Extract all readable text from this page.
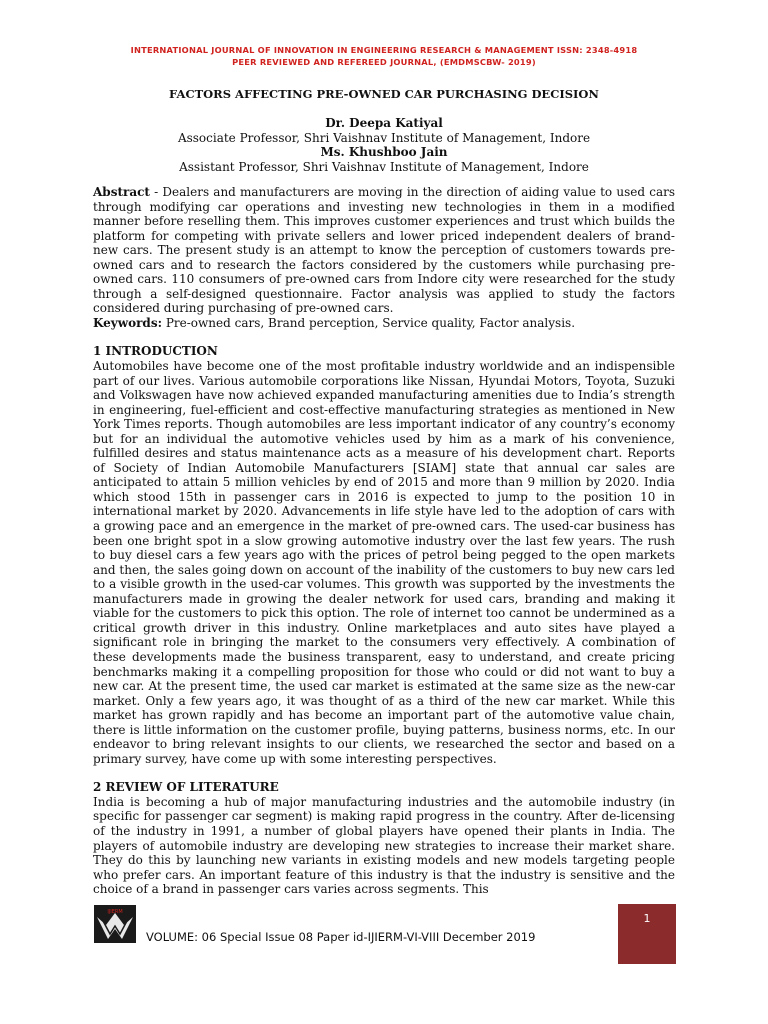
INTERNATIONAL JOURNAL OF INNOVATION IN ENGINEERING RESEARCH & MANAGEMENT ISSN: 2348-4918
PEER REVIEWED AND REFEREED JOURNAL, (EMDMSCBW- 2019)
FACTORS AFFECTING PRE-OWNED CAR PURCHASING DECISION
Dr. Deepa Katiyal
Associate Professor, Shri Vaishnav Institute of Management, Indore
Ms. Khushboo Jain
Assistant Professor, Shri Vaishnav Institute of Management, Indore

Abstract - Dealers and manufacturers are moving in the direction of aiding value to used cars through modifying car operations and investing new technologies in them in a modified manner before reselling them. This improves customer experiences and trust which builds the platform for competing with private sellers and lower priced independent dealers of brand-new cars. The present study is an attempt to know the perception of customers towards pre-owned cars and to research the factors considered by the customers while purchasing pre-owned cars. 110 consumers of pre-owned cars from Indore city were researched for the study through a self-designed questionnaire. Factor analysis was applied to study the factors considered during purchasing of pre-owned cars.

Keywords: Pre-owned cars, Brand perception, Service quality, Factor analysis.

1 INTRODUCTION

Automobiles have become one of the most profitable industry worldwide and an indispensible part of our lives. Various automobile corporations like Nissan, Hyundai Motors, Toyota, Suzuki and Volkswagen have now achieved expanded manufacturing amenities due to India’s strength in engineering, fuel-efficient and cost-effective manufacturing strategies as mentioned in New York Times reports. Though automobiles are less important indicator of any country’s economy but for an individual the automotive vehicles used by him as a mark of his convenience, fulfilled desires and status maintenance acts as a measure of his development chart. Reports of Society of Indian Automobile Manufacturers [SIAM] state that annual car sales are anticipated to attain 5 million vehicles by end of 2015 and more than 9 million by 2020. India which stood 15th in passenger cars in 2016 is expected to jump to the position 10 in international market by 2020. Advancements in life style have led to the adoption of cars with a growing pace and an emergence in the market of pre-owned cars. The used-car business has been one bright spot in a slow growing automotive industry over the last few years. The rush to buy diesel cars a few years ago with the prices of petrol being pegged to the open markets and then, the sales going down on account of the inability of the customers to buy new cars led to a visible growth in the used-car volumes. This growth was supported by the investments the manufacturers made in growing the dealer network for used cars, branding and making it viable for the customers to pick this option. The role of internet too cannot be undermined as a critical growth driver in this industry. Online marketplaces and auto sites have played a significant role in bringing the market to the consumers very effectively. A combination of these developments made the business transparent, easy to understand, and create pricing benchmarks making it a compelling proposition for those who could or did not want to buy a new car. At the present time, the used car market is estimated at the same size as the new-car market. Only a few years ago, it was thought of as a third of the new car market. While this market has grown rapidly and has become an important part of the automotive value chain, there is little information on the customer profile, buying patterns, business norms, etc. In our endeavor to bring relevant insights to our clients, we researched the sector and based on a primary survey, have come up with some interesting perspectives.

2 REVIEW OF LITERATURE

India is becoming a hub of major manufacturing industries and the automobile industry (in specific for passenger car segment) is making rapid progress in the country. After de-licensing of the industry in 1991, a number of global players have opened their plants in India. The players of automobile industry are developing new strategies to increase their market share. They do this by launching new variants in existing models and new models targeting people who prefer cars. An important feature of this industry is that the industry is sensitive and the choice of a brand in passenger cars varies across segments. This

IJIERM
VOLUME: 06 Special Issue 08 Paper id-IJIERM-VI-VIII December 2019
1
